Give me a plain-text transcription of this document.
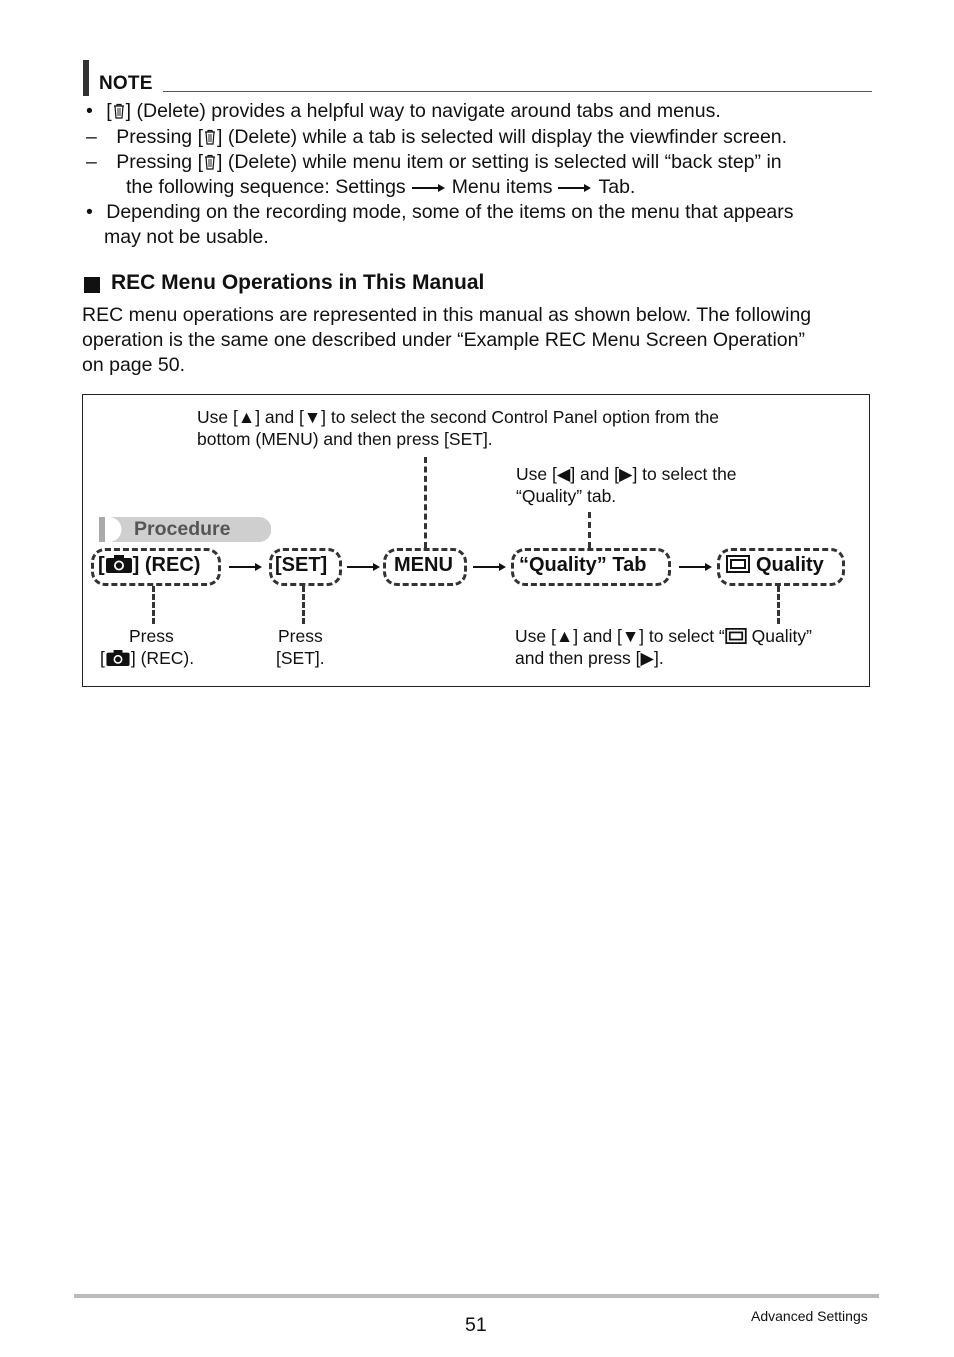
NOTE
• [ ] (Delete) provides a helpful way to navigate around tabs and menus.
– Pressing [ ] (Delete) while a tab is selected will display the viewfinder screen.
– Pressing [ ] (Delete) while menu item or setting is selected will “back step” in
the following sequence: Settings Menu items Tab.
• Depending on the recording mode, some of the items on the menu that appears
may not be usable.
REC Menu Operations in This Manual
REC menu operations are represented in this manual as shown below. The following
operation is the same one described under “Example REC Menu Screen Operation”
on page 50.
Use [▲] and [▼] to select the second Control Panel option from the
bottom (MENU) and then press [SET].
Use [◀] and [▶] to select the
“Quality” tab.
Procedure
[ ] (REC)	[SET]	MENU	“Quality” Tab	Quality
Press
[ ] (REC).
Press
[SET].
Use [▲] and [▼] to select “ Quality”
and then press [▶].
51	Advanced Settings
